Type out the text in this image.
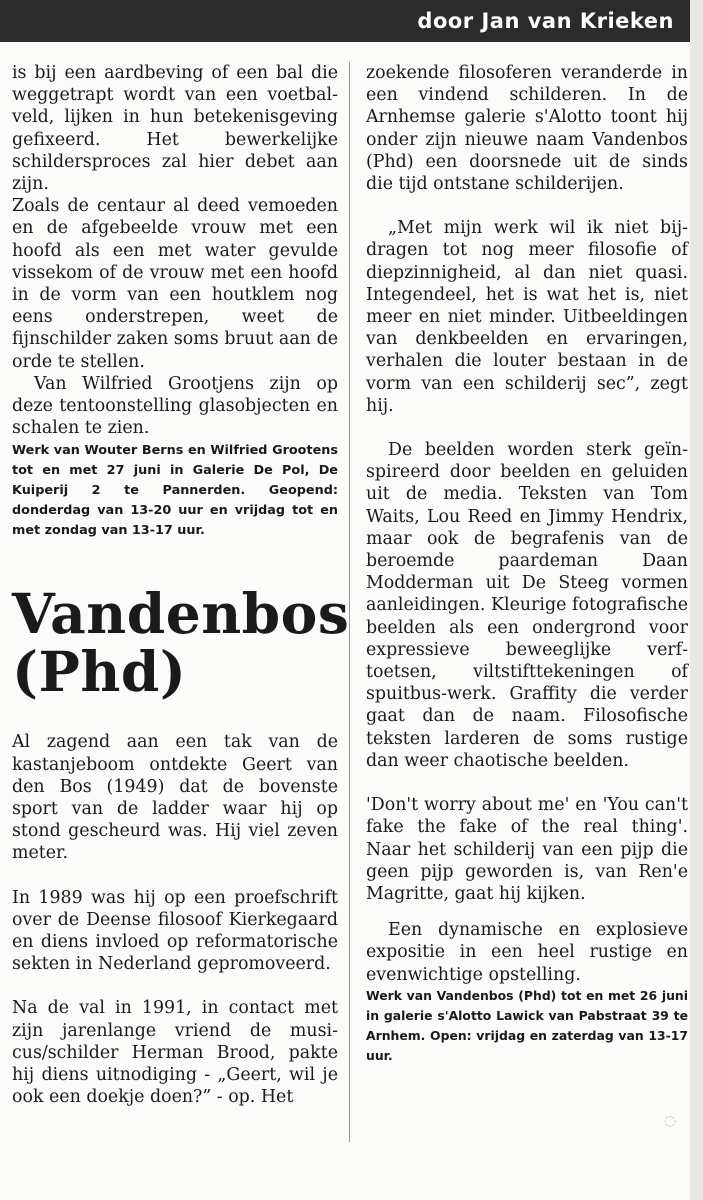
door Jan van Krieken

is bij een aardbeving of een bal die weggetrapt wordt van een voetbalveld, lijken in hun betekenisgeving gefixeerd. Het bewerkelijke schildersproces zal hier debet aan zijn.

Zoals de centaur al deed vemoeden en de afgebeelde vrouw met een hoofd als een met water gevulde vissekom of de vrouw met een hoofd in de vorm van een houtklem nog eens onderstrepen, weet de fijnschilder zaken soms bruut aan de orde te stellen.

Van Wilfried Grootjens zijn op deze tentoonstelling glasobjecten en schalen te zien.

Werk van Wouter Berns en Wilfried Grootens tot en met 27 juni in Galerie De Pol, De Kuiperij 2 te Pannerden. Geopend: donderdag van 13-20 uur en vrijdag tot en met zondag van 13-17 uur.
Vandenbos
(Phd)

Al zagend aan een tak van de kastanjeboom ontdekte Geert van den Bos (1949) dat de bovenste sport van de ladder waar hij op stond gescheurd was. Hij viel zeven meter.

In 1989 was hij op een proefschrift over de Deense filosoof Kierkegaard en diens invloed op reformatorische sekten in Nederland gepromoveerd.

Na de val in 1991, in contact met zijn jarenlange vriend de musicus/schilder Herman Brood, pakte hij diens uitnodiging - „Geert, wil je ook een doekje doen?” - op. Het

zoekende filosoferen veranderde in een vindend schilderen. In de Arnhemse galerie s'Alotto toont hij onder zijn nieuwe naam Vandenbos (Phd) een doorsnede uit de sinds die tijd ontstane schilderijen.

„Met mijn werk wil ik niet bijdragen tot nog meer filosofie of diepzinnigheid, al dan niet quasi. Integendeel, het is wat het is, niet meer en niet minder. Uitbeeldingen van denkbeelden en ervaringen, verhalen die louter bestaan in de vorm van een schilderij sec”, zegt hij.

De beelden worden sterk geïnspireerd door beelden en geluiden uit de media. Teksten van Tom Waits, Lou Reed en Jimmy Hendrix, maar ook de begrafenis van de beroemde paardeman Daan Modderman uit De Steeg vormen aanleidingen. Kleurige fotografische beelden als een ondergrond voor expressieve beweeglijke verftoetsen, viltstifttekeningen of spuitbus-werk. Graffity die verder gaat dan de naam. Filosofische teksten larderen de soms rustige dan weer chaotische beelden.

'Don't worry about me' en 'You can't fake the fake of the real thing'. Naar het schilderij van een pijp die geen pijp geworden is, van Ren'e Magritte, gaat hij kijken.

Een dynamische en explosieve expositie in een heel rustige en evenwichtige opstelling.

Werk van Vandenbos (Phd) tot en met 26 juni in galerie s'Alotto Lawick van Pabstraat 39 te Arnhem. Open: vrijdag en zaterdag van 13-17 uur.
◌
